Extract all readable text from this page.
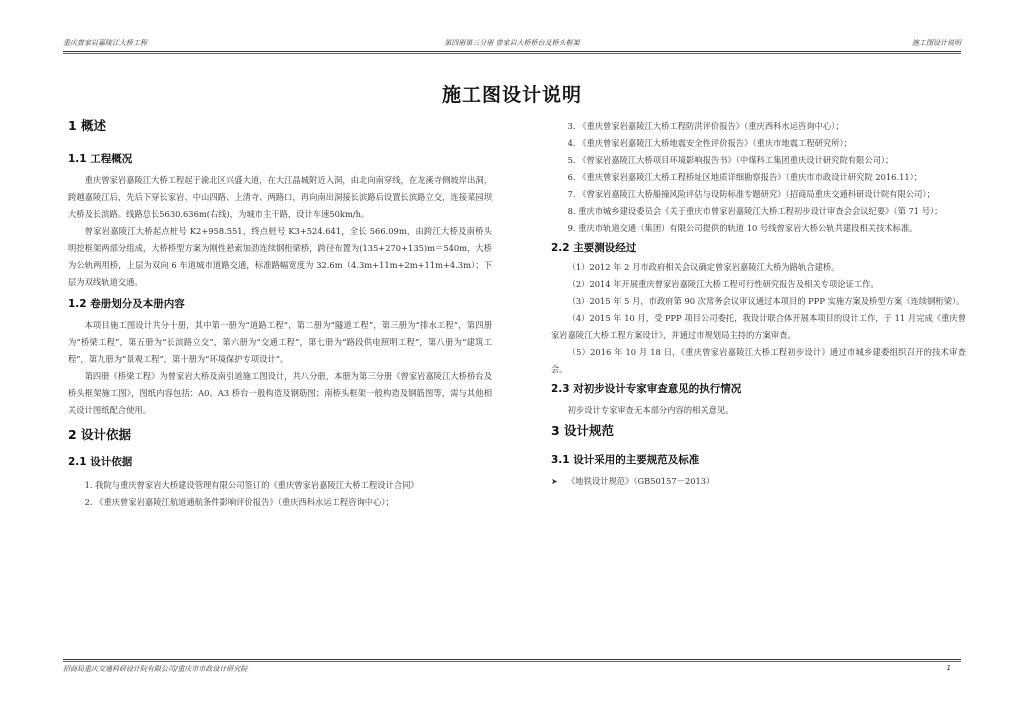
重庆曾家岩嘉陵江大桥工程	第四册第三分册 曾家岩大桥桥台及桥头框架	施工图设计说明
施工图设计说明

1 概述

1.1 工程概况

重庆曾家岩嘉陵江大桥工程起于渝北区兴盛大道，在大江晶城附近入洞，由北向南穿线，在龙溪寺侧坡岸出洞，跨越嘉陵江后，先后下穿长家岩、中山四路、上清寺、两路口，再向南出洞接长滨路后设置长滨路立交，连接菜园坝大桥及长滨路。线路总长5630.636m(右线)，为城市主干路，设计车速50km/h。

曾家岩嘉陵江大桥起点桩号 K2+958.551，终点桩号 K3+524.641，全长 566.09m，由跨江大桥及南桥头明挖框架两部分组成，大桥桥型方案为刚性悬索加劲连续钢桁梁桥，跨径布置为(135+270+135)m＝540m，大桥为公轨两用桥，上层为双向 6 车道城市道路交通，标准路幅宽度为 32.6m（4.3m+11m+2m+11m+4.3m）；下层为双线轨道交通。

1.2 卷册划分及本册内容

本项目施工图设计共分十册，其中第一册为“道路工程”，第二册为“隧道工程”，第三册为“排水工程”，第四册为“桥梁工程”，第五册为“长滨路立交”，第六册为“交通工程”，第七册为“路段供电照明工程”，第八册为“建筑工程”，第九册为“景观工程”，第十册为“环境保护专项设计”。

第四册《桥梁工程》为曾家岩大桥及南引道施工图设计，共八分册，本册为第三分册《曾家岩嘉陵江大桥桥台及桥头框架施工图》，图纸内容包括：A0、A3 桥台一般构造及钢筋图；南桥头框架一般构造及钢筋图等，需与其他相关设计图纸配合使用。

2 设计依据

2.1 设计依据

1. 我院与重庆曾家岩大桥建设管理有限公司签订的《重庆曾家岩嘉陵江大桥工程设计合同》

2. 《重庆曾家岩嘉陵江航道通航条件影响评价报告》（重庆西科水运工程咨询中心）；

3. 《重庆曾家岩嘉陵江大桥工程防洪评价报告》（重庆西科水运咨询中心）；

4. 《重庆曾家岩嘉陵江大桥地震安全性评价报告》（重庆市地震工程研究所）；

5. 《曾家岩嘉陵江大桥项目环境影响报告书》（中煤科工集团重庆设计研究院有限公司）；

6. 《重庆曾家岩嘉陵江大桥工程桥址区地质详细勘察报告》（重庆市市政设计研究院 2016.11）；

7. 《曾家岩嘉陵江大桥船撞风险评估与设防标准专题研究》（招商局重庆交通科研设计院有限公司）；

8. 重庆市城乡建设委员会《关于重庆市曾家岩嘉陵江大桥工程初步设计审查会会议纪要》（第 71 号）；

9. 重庆市轨道交通（集团）有限公司提供的轨道 10 号线曾家岩大桥公轨共建段相关技术标准。

2.2 主要测设经过

（1）2012 年 2 月市政府相关会议确定曾家岩嘉陵江大桥为路轨合建桥。

（2）2014 年开展重庆曾家岩嘉陵江大桥工程可行性研究报告及相关专项论证工作。

（3）2015 年 5 月，市政府第 90 次常务会议审议通过本项目的 PPP 实施方案及桥型方案（连续钢桁梁）。

（4）2015 年 10 月，受 PPP 项目公司委托，我设计联合体开展本项目的设计工作，于 11 月完成《重庆曾家岩嘉陵江大桥工程方案设计》，并通过市规划局主持的方案审查。

（5）2016 年 10 月 18 日，《重庆曾家岩嘉陵江大桥工程初步设计》通过市城乡建委组织召开的技术审查会。

2.3 对初步设计专家审查意见的执行情况

初步设计专家审查无本部分内容的相关意见。

3 设计规范

3.1 设计采用的主要规范及标准

➤ 《地铁设计规范》（GB50157－2013）

招商局重庆交通科研设计院有限公司/重庆市市政设计研究院	1
